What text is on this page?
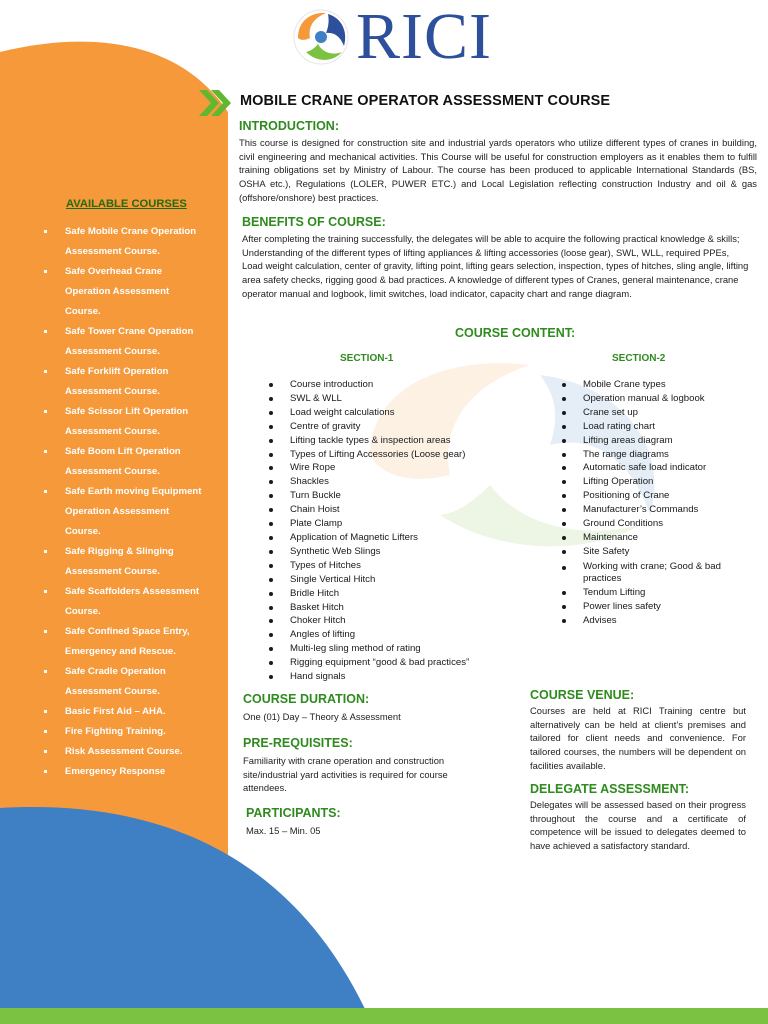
RICI
MOBILE CRANE OPERATOR ASSESSMENT COURSE
INTRODUCTION:

This course is designed for construction site and industrial yards operators who utilize different types of cranes in building, civil engineering and mechanical activities. This Course will be useful for construction employers as it enables them to fulfill training obligations set by Ministry of Labour. The course has been produced to applicable International Standards (BS, OSHA etc.), Regulations (LOLER, PUWER ETC.) and Local Legislation reflecting construction Industry and oil & gas (offshore/onshore) best practices.

BENEFITS OF COURSE:

After completing the training successfully, the delegates will be able to acquire the following practical knowledge & skills; Understanding of the different types of lifting appliances & lifting accessories (loose gear), SWL, WLL, required PPEs, Load weight calculation, center of gravity, lifting point, lifting gears selection, inspection, types of hitches, sling angle, lifting area safety checks, rigging good & bad practices. A knowledge of different types of Cranes, general maintenance, crane operator manual and logbook, limit switches, load indicator, capacity chart and range diagram.

AVAILABLE COURSES
Safe Mobile Crane Operation
Assessment Course.
Safe Overhead Crane
Operation Assessment
Course.
Safe Tower Crane Operation
Assessment Course.
Safe Forklift Operation
Assessment Course.
Safe Scissor Lift Operation
Assessment Course.
Safe Boom Lift Operation
Assessment Course.
Safe Earth moving Equipment
Operation Assessment
Course.
Safe Rigging & Slinging
Assessment Course.
Safe Scaffolders Assessment
Course.
Safe Confined Space Entry,
Emergency and Rescue.
Safe Cradle Operation
Assessment Course.
Basic First Aid – AHA.
Fire Fighting Training.
Risk Assessment Course.
Emergency Response
COURSE CONTENT:
SECTION-1	SECTION-2
Course introduction
SWL & WLL
Load weight calculations
Centre of gravity
Lifting tackle types & inspection areas
Types of Lifting Accessories (Loose gear)
Wire Rope
Shackles
Turn Buckle
Chain Hoist
Plate Clamp
Application of Magnetic Lifters
Synthetic Web Slings
Types of Hitches
Single Vertical Hitch
Bridle Hitch
Basket Hitch
Choker Hitch
Angles of lifting
Multi-leg sling method of rating
Rigging equipment “good & bad practices”
Hand signals
Mobile Crane types
Operation manual & logbook
Crane set up
Load rating chart
Lifting areas diagram
The range diagrams
Automatic safe load indicator
Lifting Operation
Positioning of Crane
Manufacturer’s Commands
Ground Conditions
Maintenance
Site Safety
Working with crane; Good & bad
practices
Tendum Lifting
Power lines safety
Advises
COURSE DURATION:

One (01) Day – Theory & Assessment

PRE-REQUISITES:

Familiarity with crane operation and construction
site/industrial yard activities is required for course
attendees.

PARTICIPANTS:

Max. 15 – Min. 05

COURSE VENUE:

Courses are held at RICI Training centre but alternatively can be held at client’s premises and tailored for client needs and convenience. For tailored courses, the numbers will be dependent on facilities available.

DELEGATE ASSESSMENT:

Delegates will be assessed based on their progress throughout the course and a certificate of competence will be issued to delegates deemed to have achieved a satisfactory standard.
